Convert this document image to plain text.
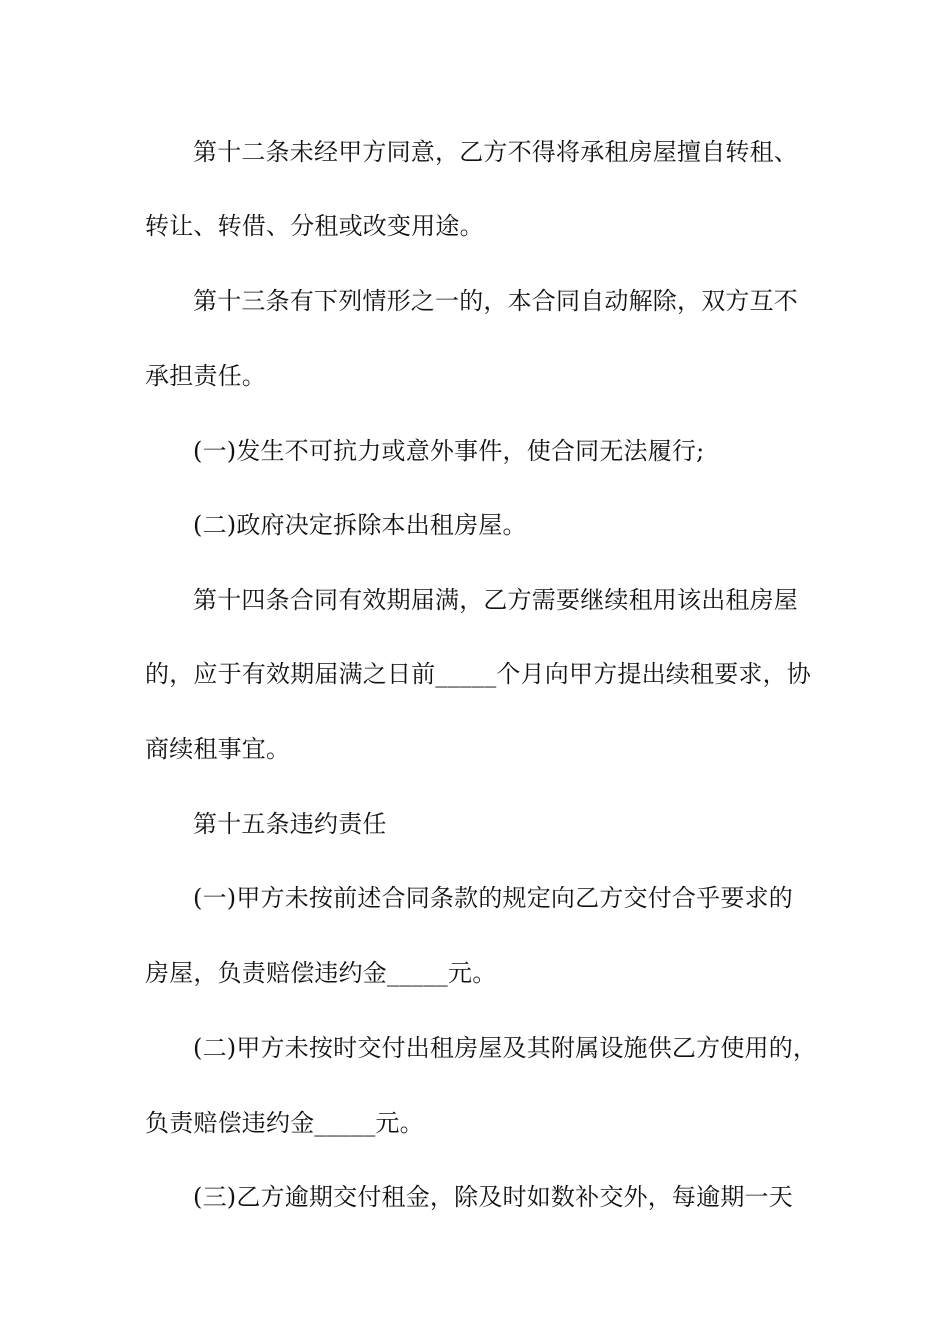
第十二条未经甲方同意，乙方不得将承租房屋擅自转租、
转让、转借、分租或改变用途。
第十三条有下列情形之一的，本合同自动解除，双方互不
承担责任。
(一)发生不可抗力或意外事件，使合同无法履行;
(二)政府决定拆除本出租房屋。
第十四条合同有效期届满，乙方需要继续租用该出租房屋
的，应于有效期届满之日前_____个月向甲方提出续租要求，协
商续租事宜。
第十五条违约责任
(一)甲方未按前述合同条款的规定向乙方交付合乎要求的
房屋，负责赔偿违约金_____元。
(二)甲方未按时交付出租房屋及其附属设施供乙方使用的，
负责赔偿违约金_____元。
(三)乙方逾期交付租金，除及时如数补交外，每逾期一天
